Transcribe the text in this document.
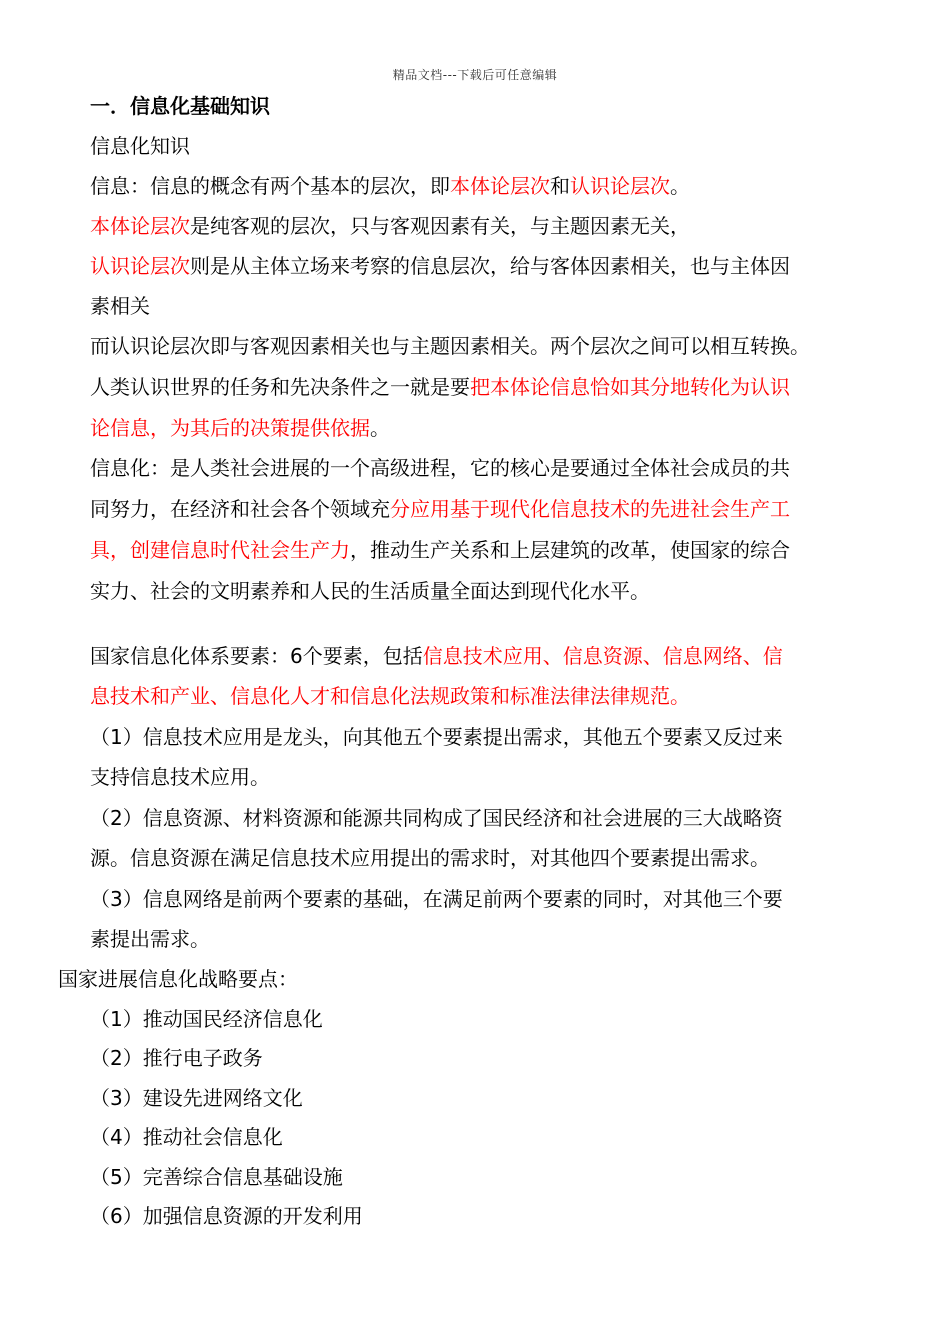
精品文档---下载后可任意编辑
一．信息化基础知识
信息化知识
信息：信息的概念有两个基本的层次，即本体论层次和认识论层次。
本体论层次是纯客观的层次，只与客观因素有关，与主题因素无关，
认识论层次则是从主体立场来考察的信息层次，给与客体因素相关，也与主体因
素相关
而认识论层次即与客观因素相关也与主题因素相关。两个层次之间可以相互转换。
人类认识世界的任务和先决条件之一就是要把本体论信息恰如其分地转化为认识
论信息，为其后的决策提供依据。
信息化：是人类社会进展的一个高级进程，它的核心是要通过全体社会成员的共
同努力，在经济和社会各个领域充分应用基于现代化信息技术的先进社会生产工
具，创建信息时代社会生产力，推动生产关系和上层建筑的改革，使国家的综合
实力、社会的文明素养和人民的生活质量全面达到现代化水平。
国家信息化体系要素：6个要素，包括信息技术应用、信息资源、信息网络、信
息技术和产业、信息化人才和信息化法规政策和标准法律法律规范。
（1）信息技术应用是龙头，向其他五个要素提出需求，其他五个要素又反过来
支持信息技术应用。
（2）信息资源、材料资源和能源共同构成了国民经济和社会进展的三大战略资
源。信息资源在满足信息技术应用提出的需求时，对其他四个要素提出需求。
（3）信息网络是前两个要素的基础，在满足前两个要素的同时，对其他三个要
素提出需求。
国家进展信息化战略要点：
（1）推动国民经济信息化
（2）推行电子政务
（3）建设先进网络文化
（4）推动社会信息化
（5）完善综合信息基础设施
（6）加强信息资源的开发利用
